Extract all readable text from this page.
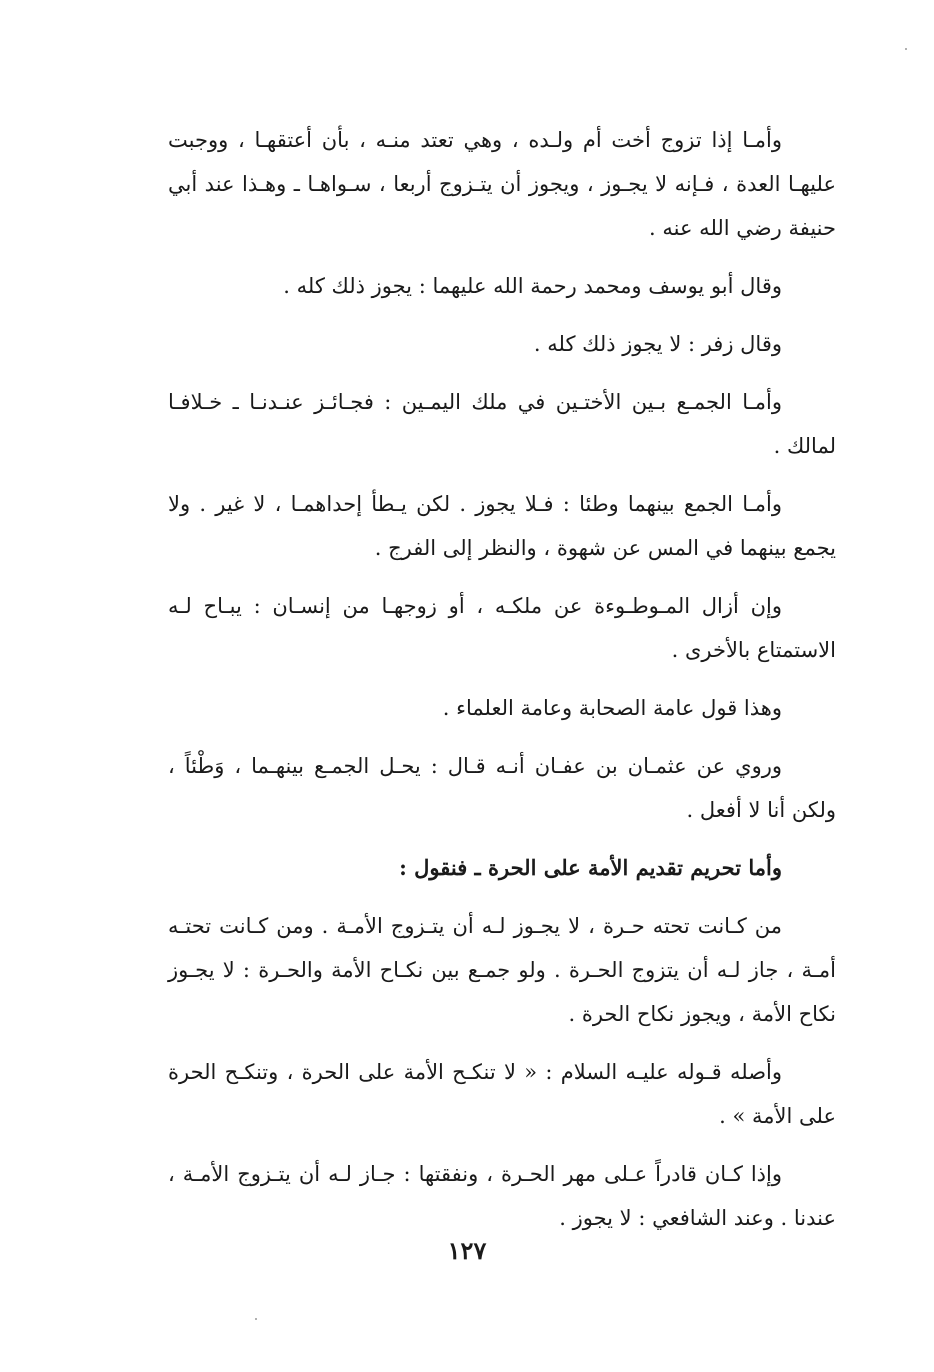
وأمـا إذا تزوج أخت أم ولـده ، وهي تعتد منـه ، بأن أعتقهـا ، ووجبت عليهـا العدة ، فـإنه لا يجـوز ، ويجوز أن يتـزوج أربعا ، سـواهـا ـ وهـذا عند أبي حنيفة رضي الله عنه .

وقال أبو يوسف ومحمد رحمة الله عليهما : يجوز ذلك كله .

وقال زفر : لا يجوز ذلك كله .

وأمـا الجمـع بـين الأختـين في ملك اليمـين : فجـائـز عنـدنـا ـ خـلافـا لمالك .

وأمـا الجمع بينهما وطئا : فـلا يجوز . لكن يـطأ إحداهمـا ، لا غير . ولا يجمع بينهما في المس عن شهوة ، والنظر إلى الفرج .

وإن أزال المـوطـوءة عن ملكـه ، أو زوجهـا من إنسـان : يبـاح لـه الاستمتاع بالأخرى .

وهذا قول عامة الصحابة وعامة العلماء .

وروي عن عثمـان بن عفـان أنـه قـال : يحـل الجمـع بينهـما ، وَطْئاً ، ولكن أنا لا أفعل .

وأما تحريم تقديم الأمة على الحرة ـ فنقول :

من كـانت تحته حـرة ، لا يجـوز لـه أن يتـزوج الأمـة . ومن كـانت تحتـه أمـة ، جاز لـه أن يتزوج الحـرة . ولو جمـع بين نكـاح الأمة والحـرة : لا يجـوز نكاح الأمة ، ويجوز نكاح الحرة .

وأصله قـوله عليـه السلام : « لا تنكـح الأمة على الحرة ، وتنكـح الحرة على الأمة » .

وإذا كـان قادراً عـلى مهر الحـرة ، ونفقتها : جـاز لـه أن يتـزوج الأمـة ، عندنا . وعند الشافعي : لا يجوز .

١٢٧
